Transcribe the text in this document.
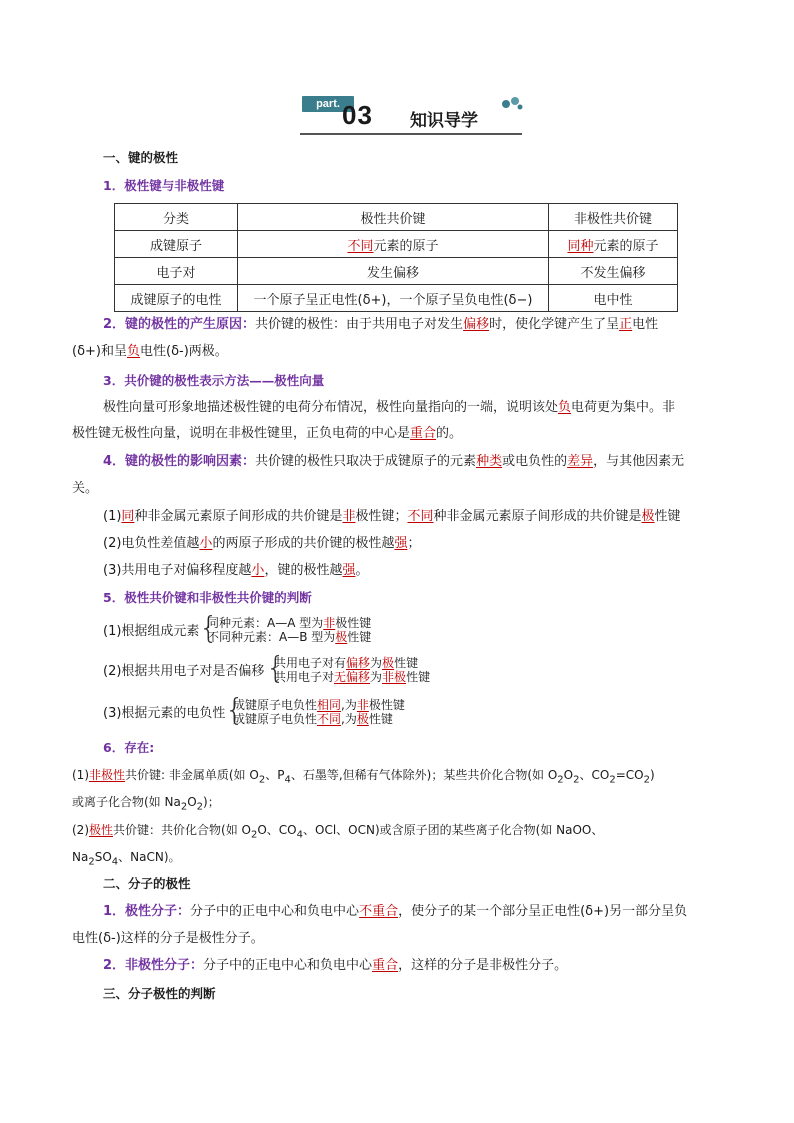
part. 03 知识导学
一、键的极性
1．极性键与非极性键
分类	极性共价键	非极性共价键
成键原子	不同元素的原子	同种元素的原子
电子对	发生偏移	不发生偏移
成键原子的电性	一个原子呈正电性(δ+)，一个原子呈负电性(δ−)	电中性
2．键的极性的产生原因：共价键的极性：由于共用电子对发生偏移时，使化学键产生了呈正电性
(δ+)和呈负电性(δ-)两极。
3．共价键的极性表示方法——极性向量
极性向量可形象地描述极性键的电荷分布情况，极性向量指向的一端，说明该处负电荷更为集中。非
极性键无极性向量，说明在非极性键里，正负电荷的中心是重合的。
4．键的极性的影响因素：共价键的极性只取决于成键原子的元素种类或电负性的差异，与其他因素无
关。
(1)同种非金属元素原子间形成的共价键是非极性键；不同种非金属元素原子间形成的共价键是极性键
(2)电负性差值越小的两原子形成的共价键的极性越强；
(3)共用电子对偏移程度越小，键的极性越强。
5．极性共价键和非极性共价键的判断
(1)根据组成元素 {
同种元素：A—A 型为非极性键
不同种元素：A—B 型为极性键
(2)根据共用电子对是否偏移 {
共用电子对有偏移为极性键
共用电子对无偏移为非极性键
(3)根据元素的电负性 {
成键原子电负性相同,为非极性键
成键原子电负性不同,为极性键
6．存在:
(1)非极性共价键: 非金属单质(如 $O_2$、$P_4$、石墨等,但稀有气体除外)；某些共价化合物(如 $O_2O_2$、$CO_2=CO_2$)
或离子化合物(如 $Na_2O_2$)；
(2)极性共价键：共价化合物(如 $O_2O$、$CO_4$、OCl、OCN)或含原子团的某些离子化合物(如 NaOO、
$Na_2SO_4$、NaCN)。
二、分子的极性
1．极性分子：分子中的正电中心和负电中心不重合，使分子的某一个部分呈正电性(δ+)另一部分呈负
电性(δ-)这样的分子是极性分子。
2．非极性分子：分子中的正电中心和负电中心重合，这样的分子是非极性分子。
三、分子极性的判断
